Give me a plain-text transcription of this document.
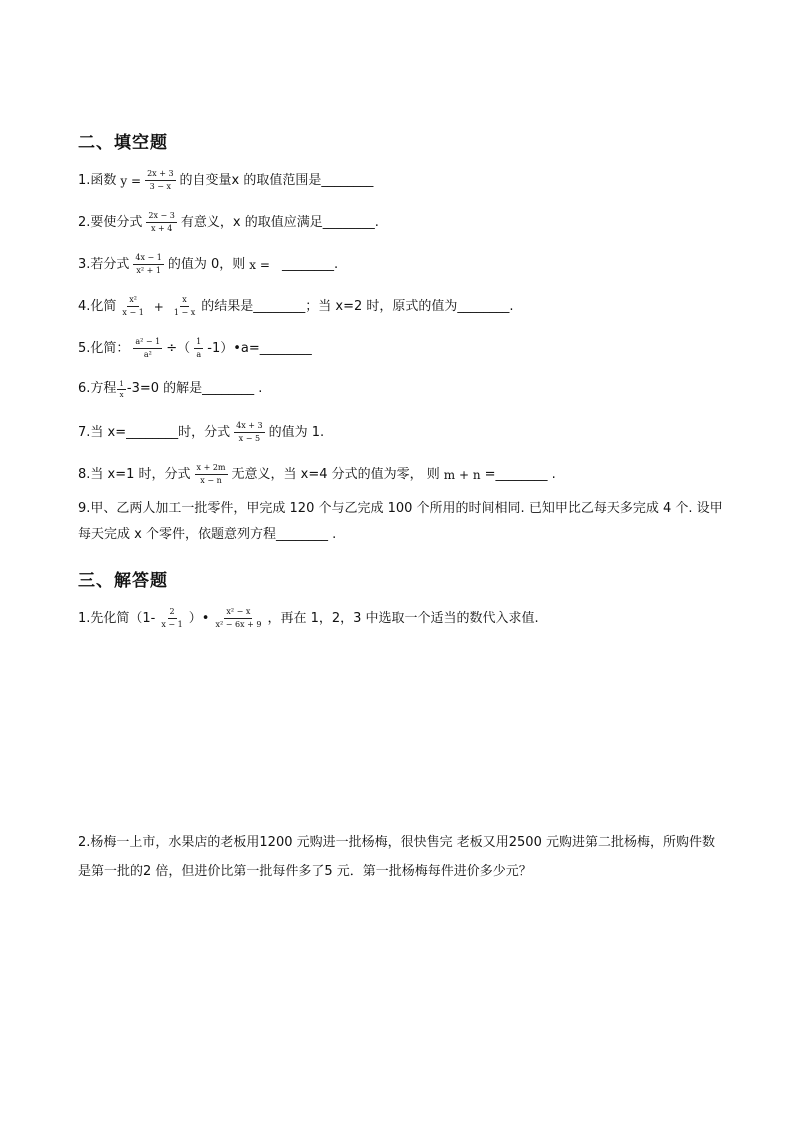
二、填空题
1.函数 $y = \frac{2x + 3}{3 - x}$ 的自变量x 的取值范围是________
2.要使分式 $\frac{2x - 3}{x + 4}$ 有意义，x 的取值应满足________.
3.若分式 $\frac{4x - 1}{\text{x² + 1}}$ 的值为 0，则 x = ________.
4.化简 $\frac{\text{x²}}{x - 1} + \frac{x}{1 - x}$ 的结果是________；当 x=2 时，原式的值为________.
5.化简： $\frac{\text{a² − 1}}{\text{a²}}$ ÷（ $\frac{1}{a}$ -1）•a=________
6.方程 $\frac{1}{x} -3=0$ 的解是________ .
7.当 x=________时，分式 $\frac{4x + 3}{x - 5}$ 的值为 1.
8.当 x=1 时，分式 $\frac{x + 2m}{x - n}$ 无意义，当 x=4 分式的值为零， 则 m + n =________ .
9.甲、乙两人加工一批零件，甲完成 120 个与乙完成 100 个所用的时间相同. 已知甲比乙每天多完成 4 个. 设甲每天完成 x 个零件，依题意列方程________ .
三、解答题
1.先化简（$1- \frac{2}{x - 1}$ ）• $\frac{\text{x² − x}}{\text{x² − 6x + 9}}$ ，再在 1，2，3 中选取一个适当的数代入求值.
2.杨梅一上市，水果店的老板用1200 元购进一批杨梅，很快售完 老板又用2500 元购进第二批杨梅，所购件数是第一批的2 倍，但进价比第一批每件多了5 元．第一批杨梅每件进价多少元？
